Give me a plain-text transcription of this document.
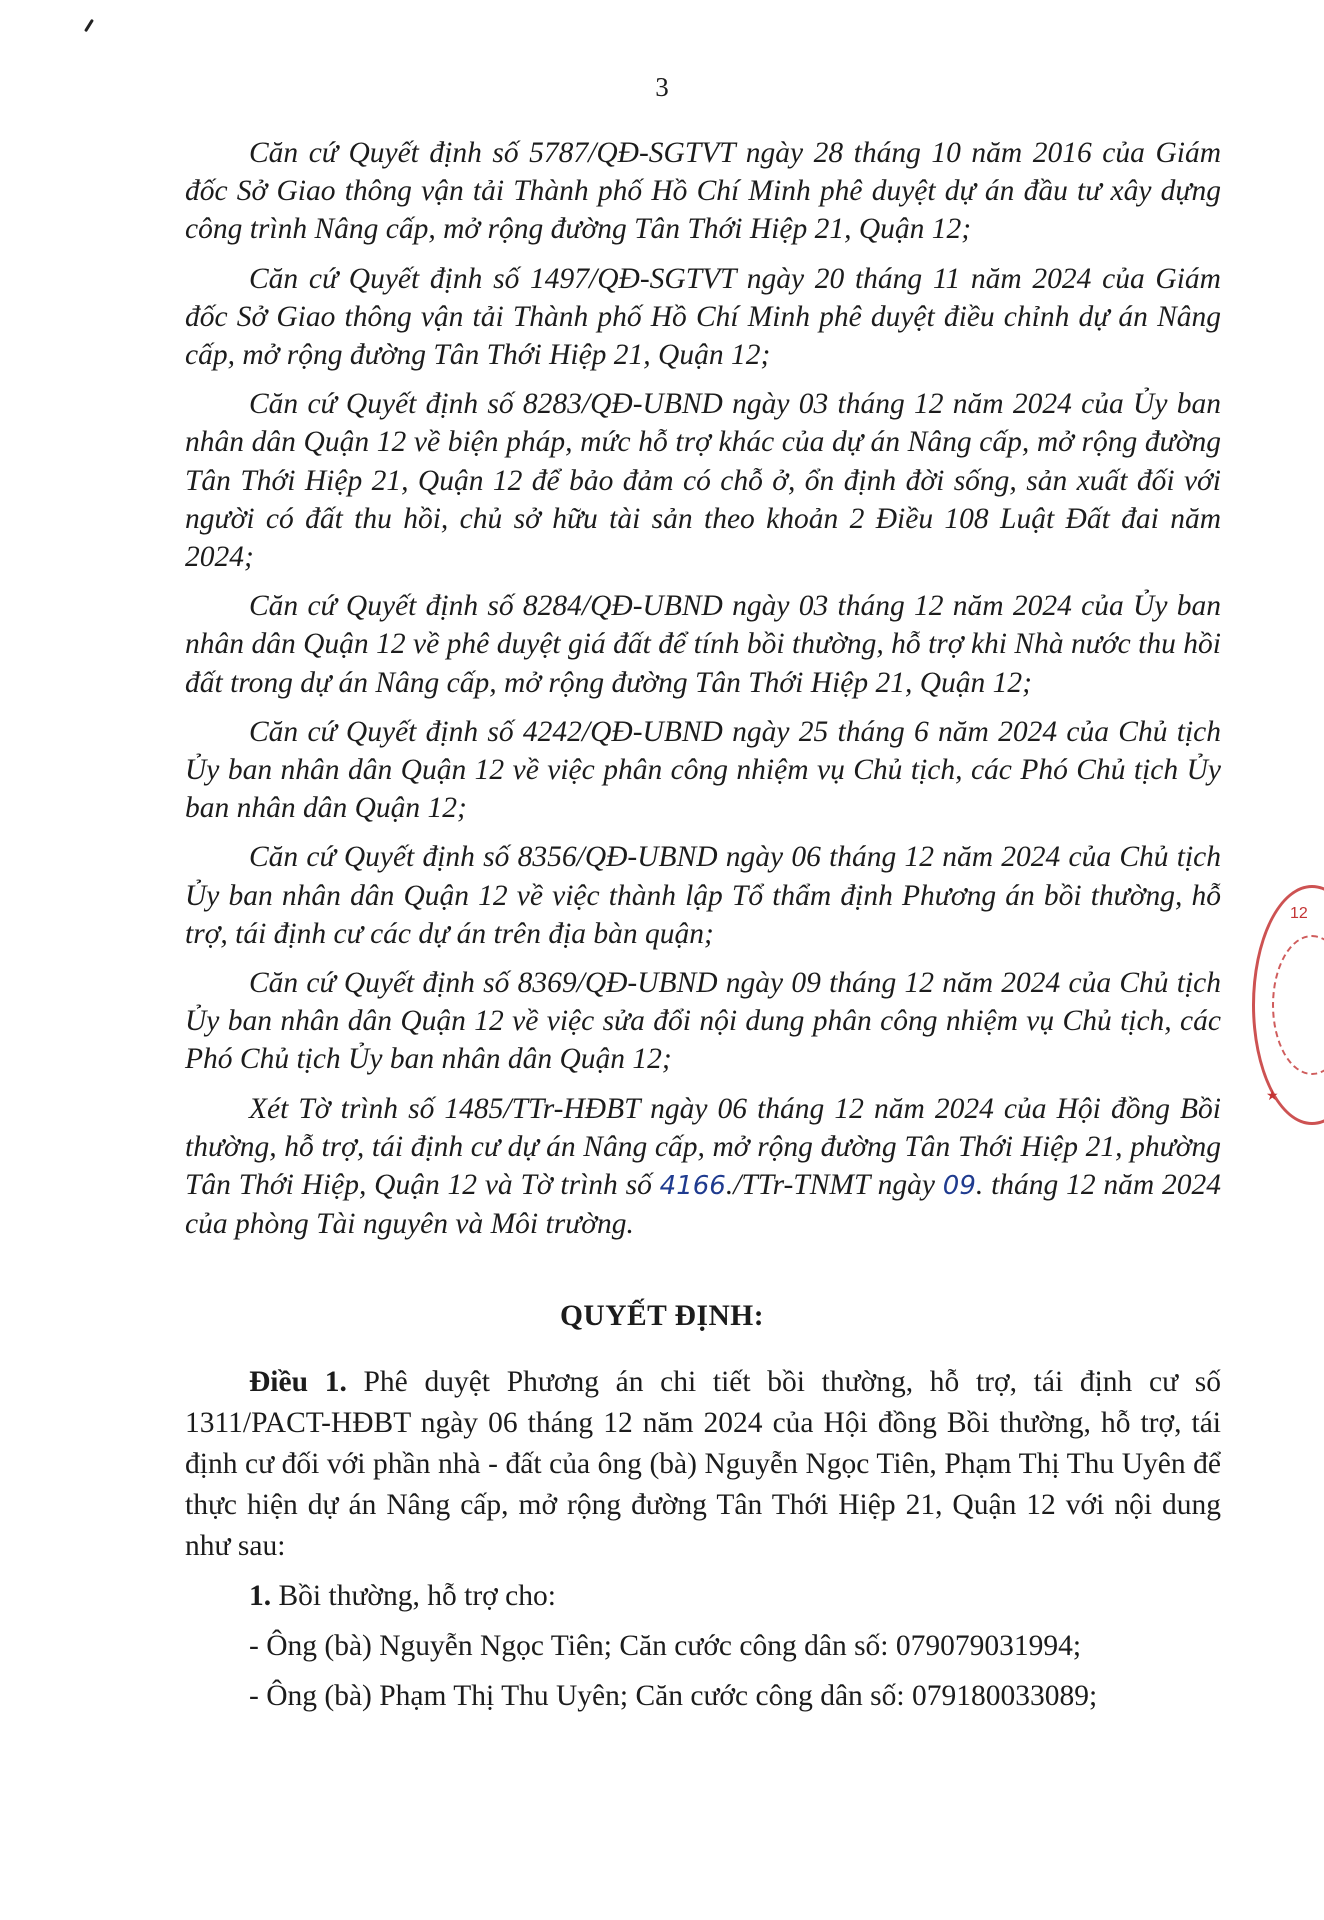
3

Căn cứ Quyết định số 5787/QĐ-SGTVT ngày 28 tháng 10 năm 2016 của Giám đốc Sở Giao thông vận tải Thành phố Hồ Chí Minh phê duyệt dự án đầu tư xây dựng công trình Nâng cấp, mở rộng đường Tân Thới Hiệp 21, Quận 12;

Căn cứ Quyết định số 1497/QĐ-SGTVT ngày 20 tháng 11 năm 2024 của Giám đốc Sở Giao thông vận tải Thành phố Hồ Chí Minh phê duyệt điều chỉnh dự án Nâng cấp, mở rộng đường Tân Thới Hiệp 21, Quận 12;

Căn cứ Quyết định số 8283/QĐ-UBND ngày 03 tháng 12 năm 2024 của Ủy ban nhân dân Quận 12 về biện pháp, mức hỗ trợ khác của dự án Nâng cấp, mở rộng đường Tân Thới Hiệp 21, Quận 12 để bảo đảm có chỗ ở, ổn định đời sống, sản xuất đối với người có đất thu hồi, chủ sở hữu tài sản theo khoản 2 Điều 108 Luật Đất đai năm 2024;

Căn cứ Quyết định số 8284/QĐ-UBND ngày 03 tháng 12 năm 2024 của Ủy ban nhân dân Quận 12 về phê duyệt giá đất để tính bồi thường, hỗ trợ khi Nhà nước thu hồi đất trong dự án Nâng cấp, mở rộng đường Tân Thới Hiệp 21, Quận 12;

Căn cứ Quyết định số 4242/QĐ-UBND ngày 25 tháng 6 năm 2024 của Chủ tịch Ủy ban nhân dân Quận 12 về việc phân công nhiệm vụ Chủ tịch, các Phó Chủ tịch Ủy ban nhân dân Quận 12;

Căn cứ Quyết định số 8356/QĐ-UBND ngày 06 tháng 12 năm 2024 của Chủ tịch Ủy ban nhân dân Quận 12 về việc thành lập Tổ thẩm định Phương án bồi thường, hỗ trợ, tái định cư các dự án trên địa bàn quận;

Căn cứ Quyết định số 8369/QĐ-UBND ngày 09 tháng 12 năm 2024 của Chủ tịch Ủy ban nhân dân Quận 12 về việc sửa đổi nội dung phân công nhiệm vụ Chủ tịch, các Phó Chủ tịch Ủy ban nhân dân Quận 12;

Xét Tờ trình số 1485/TTr-HĐBT ngày 06 tháng 12 năm 2024 của Hội đồng Bồi thường, hỗ trợ, tái định cư dự án Nâng cấp, mở rộng đường Tân Thới Hiệp 21, phường Tân Thới Hiệp, Quận 12 và Tờ trình số 4166./TTr-TNMT ngày 09. tháng 12 năm 2024 của phòng Tài nguyên và Môi trường.

QUYẾT ĐỊNH:

Điều 1. Phê duyệt Phương án chi tiết bồi thường, hỗ trợ, tái định cư số 1311/PACT-HĐBT ngày 06 tháng 12 năm 2024 của Hội đồng Bồi thường, hỗ trợ, tái định cư đối với phần nhà - đất của ông (bà) Nguyễn Ngọc Tiên, Phạm Thị Thu Uyên để thực hiện dự án Nâng cấp, mở rộng đường Tân Thới Hiệp 21, Quận 12 với nội dung như sau:

1. Bồi thường, hỗ trợ cho:

- Ông (bà) Nguyễn Ngọc Tiên; Căn cước công dân số: 079079031994;

- Ông (bà) Phạm Thị Thu Uyên; Căn cước công dân số: 079180033089;

12
★
